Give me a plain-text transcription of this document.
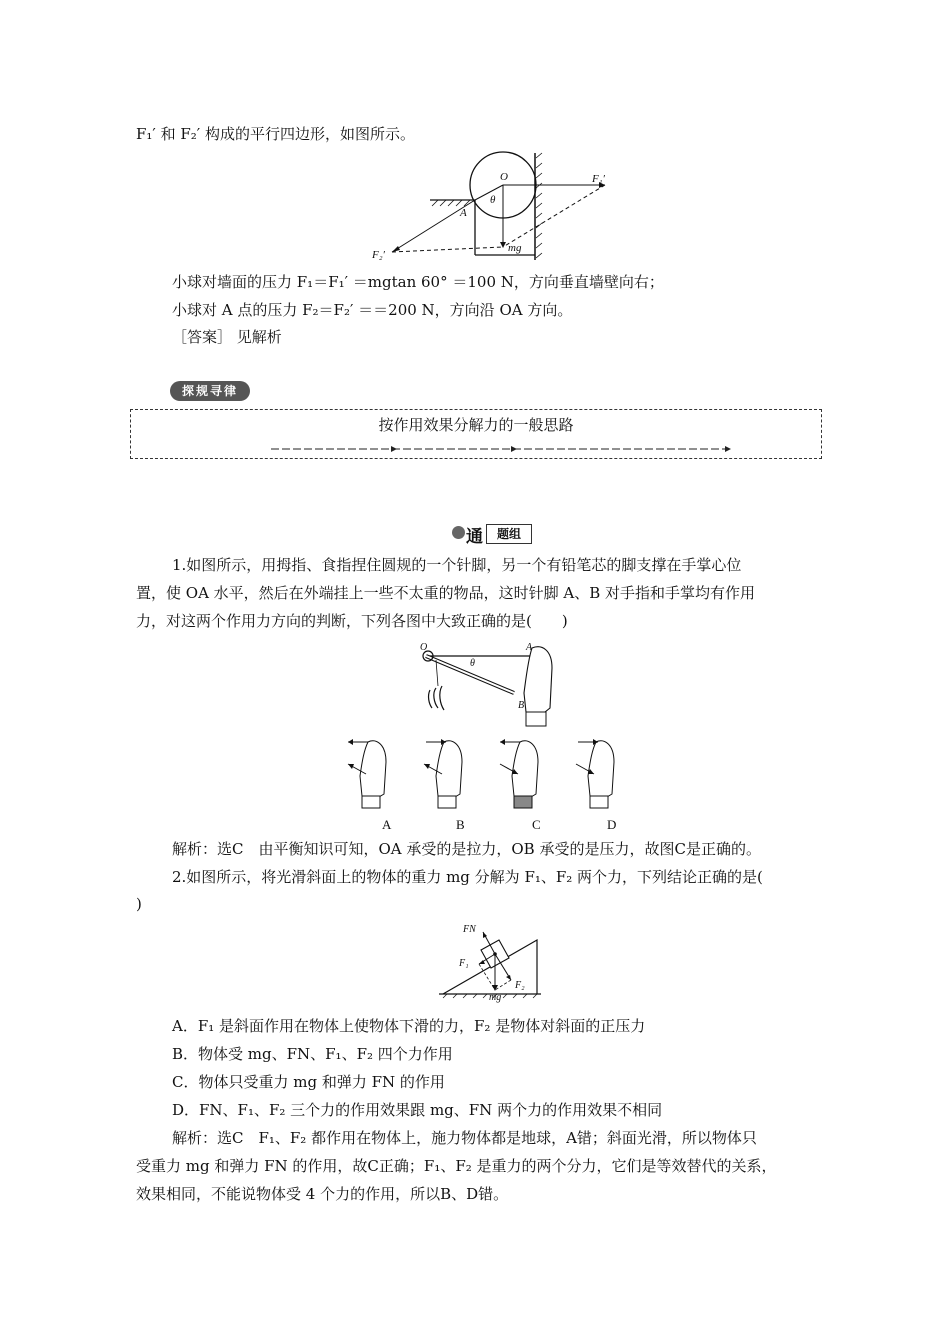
F₁′ 和 F₂′ 构成的平行四边形，如图所示。
O	F₁′
A
θ
F₂′
mg
小球对墙面的压力 F₁＝F₁′ ＝mgtan 60° ＝100 N，方向垂直墙壁向右；
小球对 A 点的压力 F₂＝F₂′ ＝＝200 N，方向沿 OA 方向。
［答案］ 见解析
探规寻律
按作用效果分解力的一般思路
通	题组
1.如图所示，用拇指、食指捏住圆规的一个针脚，另一个有铅笔芯的脚支撑在手掌心位
置，使 OA 水平，然后在外端挂上一些不太重的物品，这时针脚 A、B 对手指和手掌均有作用
力，对这两个作用力方向的判断，下列各图中大致正确的是(　　)
O	A
θ
B
A	B	C	D
解析：选C　由平衡知识可知，OA 承受的是拉力，OB 承受的是压力，故图C是正确的。
2.如图所示，将光滑斜面上的物体的重力 mg 分解为 F₁、F₂ 两个力，下列结论正确的是(
)
FN
F₁
F₂
mg
A．F₁ 是斜面作用在物体上使物体下滑的力，F₂ 是物体对斜面的正压力
B．物体受 mg、FN、F₁、F₂ 四个力作用
C．物体只受重力 mg 和弹力 FN 的作用
D．FN、F₁、F₂ 三个力的作用效果跟 mg、FN 两个力的作用效果不相同
解析：选C　F₁、F₂ 都作用在物体上，施力物体都是地球，A错；斜面光滑，所以物体只
受重力 mg 和弹力 FN 的作用，故C正确；F₁、F₂ 是重力的两个分力，它们是等效替代的关系，
效果相同，不能说物体受 4 个力的作用，所以B、D错。
